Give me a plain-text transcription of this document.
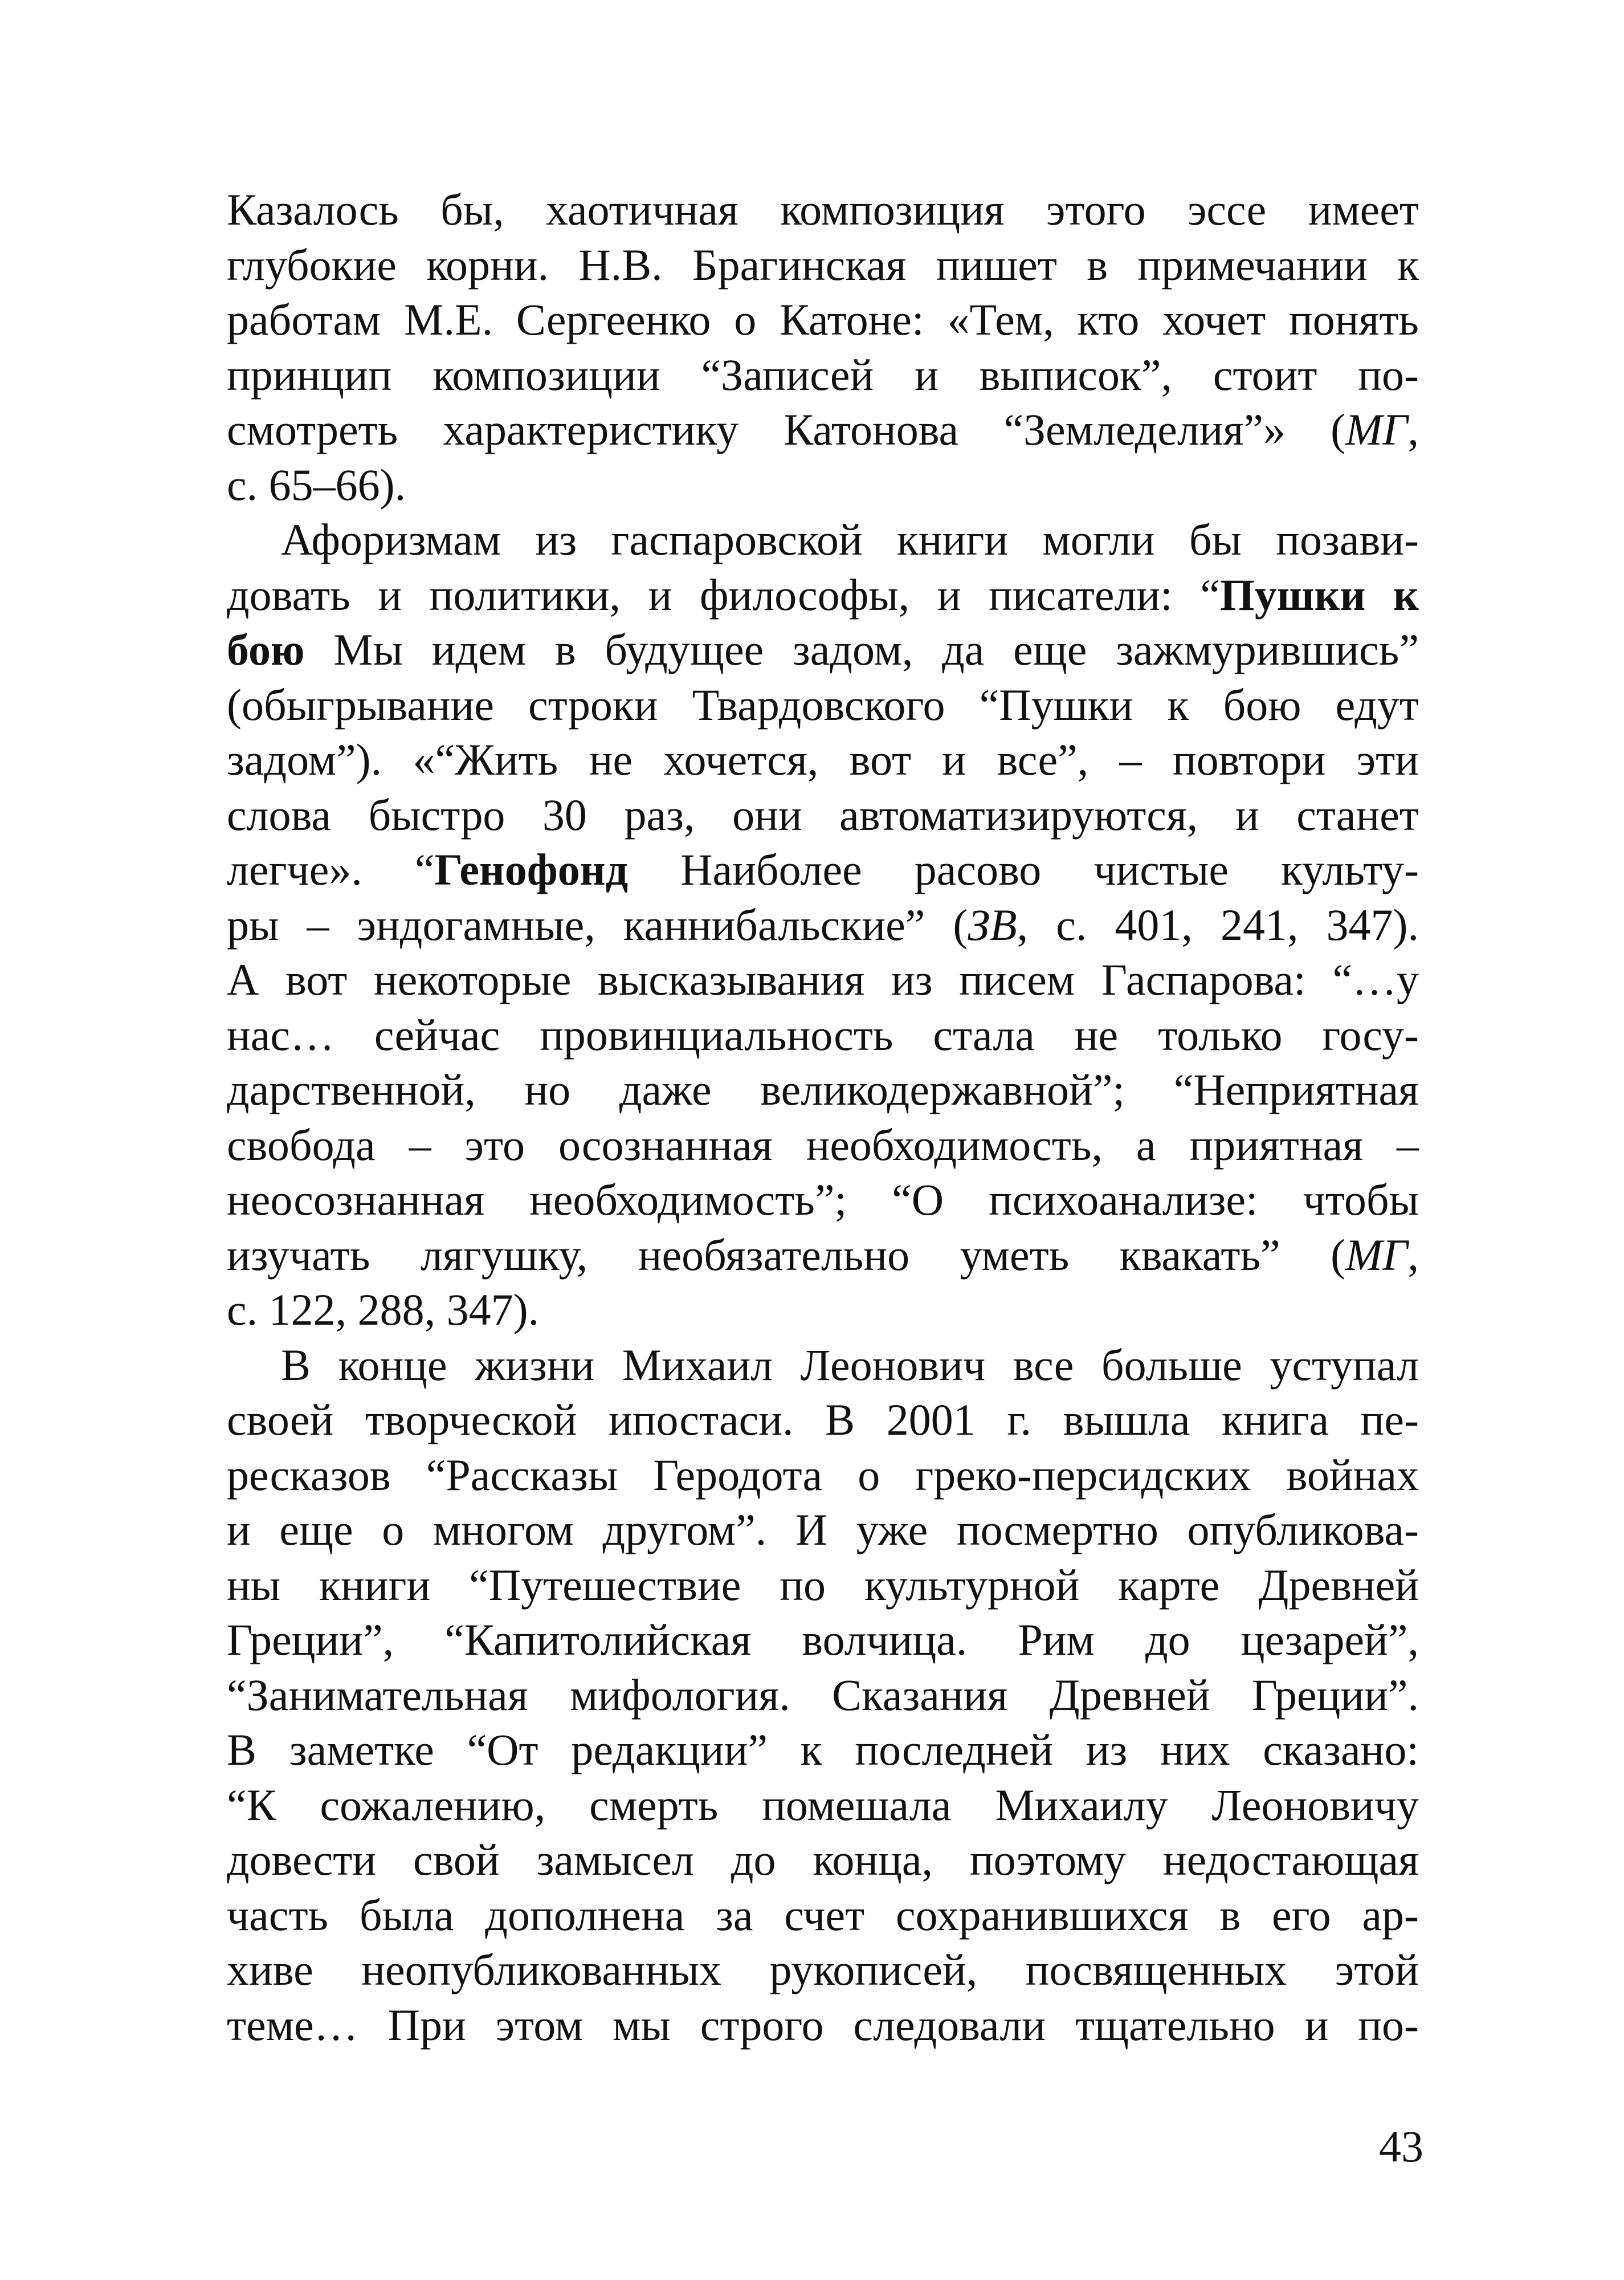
Казалось бы, хаотичная композиция этого эссе имеет
глубокие корни. Н.В. Брагинская пишет в примечании к
работам М.Е. Сергеенко о Катоне: «Тем, кто хочет понять
принцип композиции “Записей и выписок”, стоит по-
смотреть характеристику Катонова “Земледелия”» (МГ,
с. 65–66).
Афоризмам из гаспаровской книги могли бы позави-
довать и политики, и философы, и писатели: “Пушки к
бою Мы идем в будущее задом, да еще зажмурившись”
(обыгрывание строки Твардовского “Пушки к бою едут
задом”). «“Жить не хочется, вот и все”, – повтори эти
слова быстро 30 раз, они автоматизируются, и станет
легче». “Генофонд Наиболее расово чистые культу-
ры – эндогамные, каннибальские” (ЗВ, с. 401, 241, 347).
А вот некоторые высказывания из писем Гаспарова: “…у
нас… сейчас провинциальность стала не только госу-
дарственной, но даже великодержавной”; “Неприятная
свобода – это осознанная необходимость, а приятная –
неосознанная необходимость”; “О психоанализе: чтобы
изучать лягушку, необязательно уметь квакать” (МГ,
с. 122, 288, 347).
В конце жизни Михаил Леонович все больше уступал
своей творческой ипостаси. В 2001 г. вышла книга пе-
ресказов “Рассказы Геродота о греко-персидских войнах
и еще о многом другом”. И уже посмертно опубликова-
ны книги “Путешествие по культурной карте Древней
Греции”, “Капитолийская волчица. Рим до цезарей”,
“Занимательная мифология. Сказания Древней Греции”.
В заметке “От редакции” к последней из них сказано:
“К сожалению, смерть помешала Михаилу Леоновичу
довести свой замысел до конца, поэтому недостающая
часть была дополнена за счет сохранившихся в его ар-
хиве неопубликованных рукописей, посвященных этой
теме… При этом мы строго следовали тщательно и по-
43
